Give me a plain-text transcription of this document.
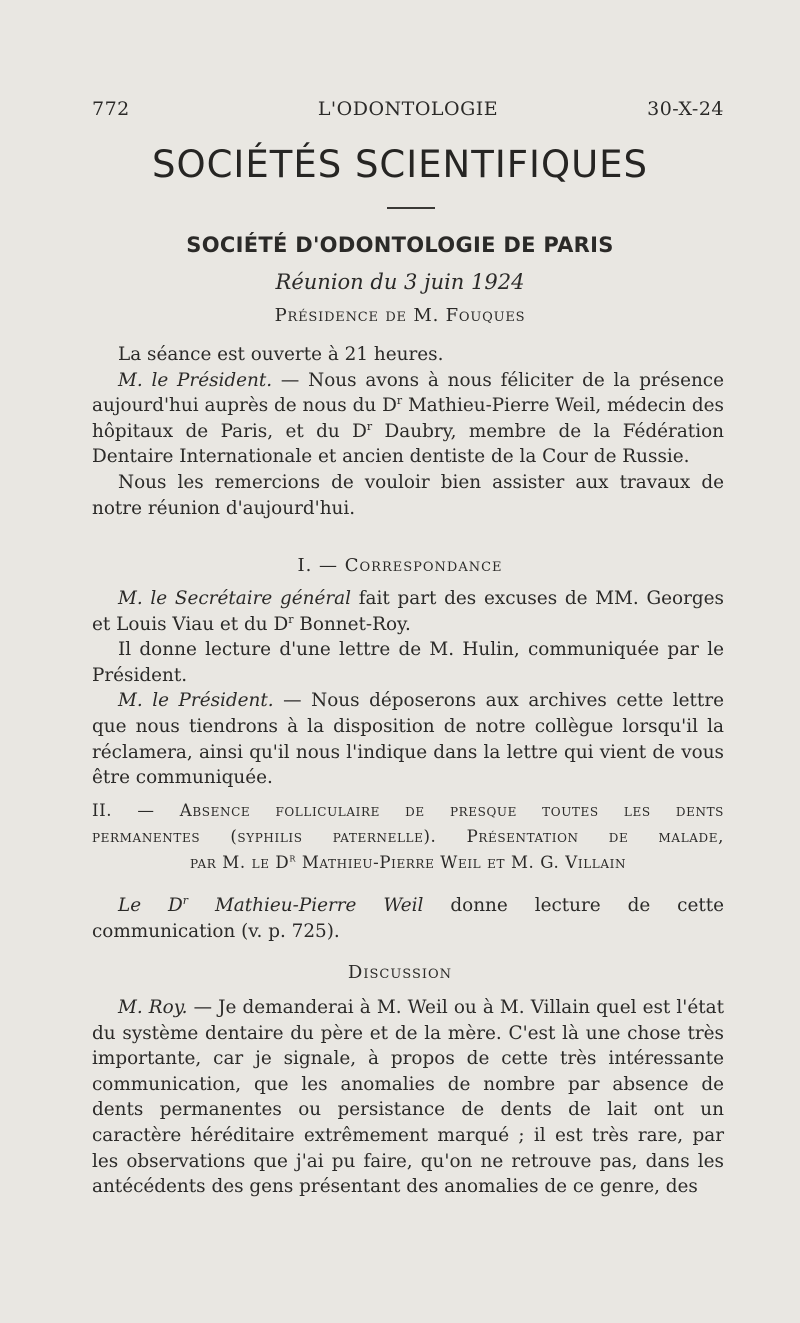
772	L'ODONTOLOGIE	30-X-24
SOCIÉTÉS SCIENTIFIQUES
SOCIÉTÉ D'ODONTOLOGIE DE PARIS
Réunion du 3 juin 1924
Présidence de M. Fouques

La séance est ouverte à 21 heures.

M. le Président. — Nous avons à nous féliciter de la présence aujourd'hui auprès de nous du $D^r$ Mathieu-Pierre Weil, médecin des hôpitaux de Paris, et du $D^r$ Daubry, membre de la Fédération Dentaire Internationale et ancien dentiste de la Cour de Russie.

Nous les remercions de vouloir bien assister aux travaux de notre réunion d'aujourd'hui.

I. — Correspondance

M. le Secrétaire général fait part des excuses de MM. Georges et Louis Viau et du $D^r$ Bonnet-Roy.

Il donne lecture d'une lettre de M. Hulin, communiquée par le Président.

M. le Président. — Nous déposerons aux archives cette lettre que nous tiendrons à la disposition de notre collègue lorsqu'il la réclamera, ainsi qu'il nous l'indique dans la lettre qui vient de vous être communiquée.

II. — Absence folliculaire de presque toutes les dents
permanentes (syphilis paternelle). Présentation de malade,
par M. le $D^r$ Mathieu-Pierre Weil et M. G. Villain

Le $D^r$ Mathieu-Pierre Weil donne lecture de cette communication (v. p. 725).

Discussion

M. Roy. — Je demanderai à M. Weil ou à M. Villain quel est l'état du système dentaire du père et de la mère. C'est là une chose très importante, car je signale, à propos de cette très intéressante communication, que les anomalies de nombre par absence de dents permanentes ou persistance de dents de lait ont un caractère héréditaire extrêmement marqué ; il est très rare, par les observations que j'ai pu faire, qu'on ne retrouve pas, dans les antécédents des gens présentant des anomalies de ce genre, des
